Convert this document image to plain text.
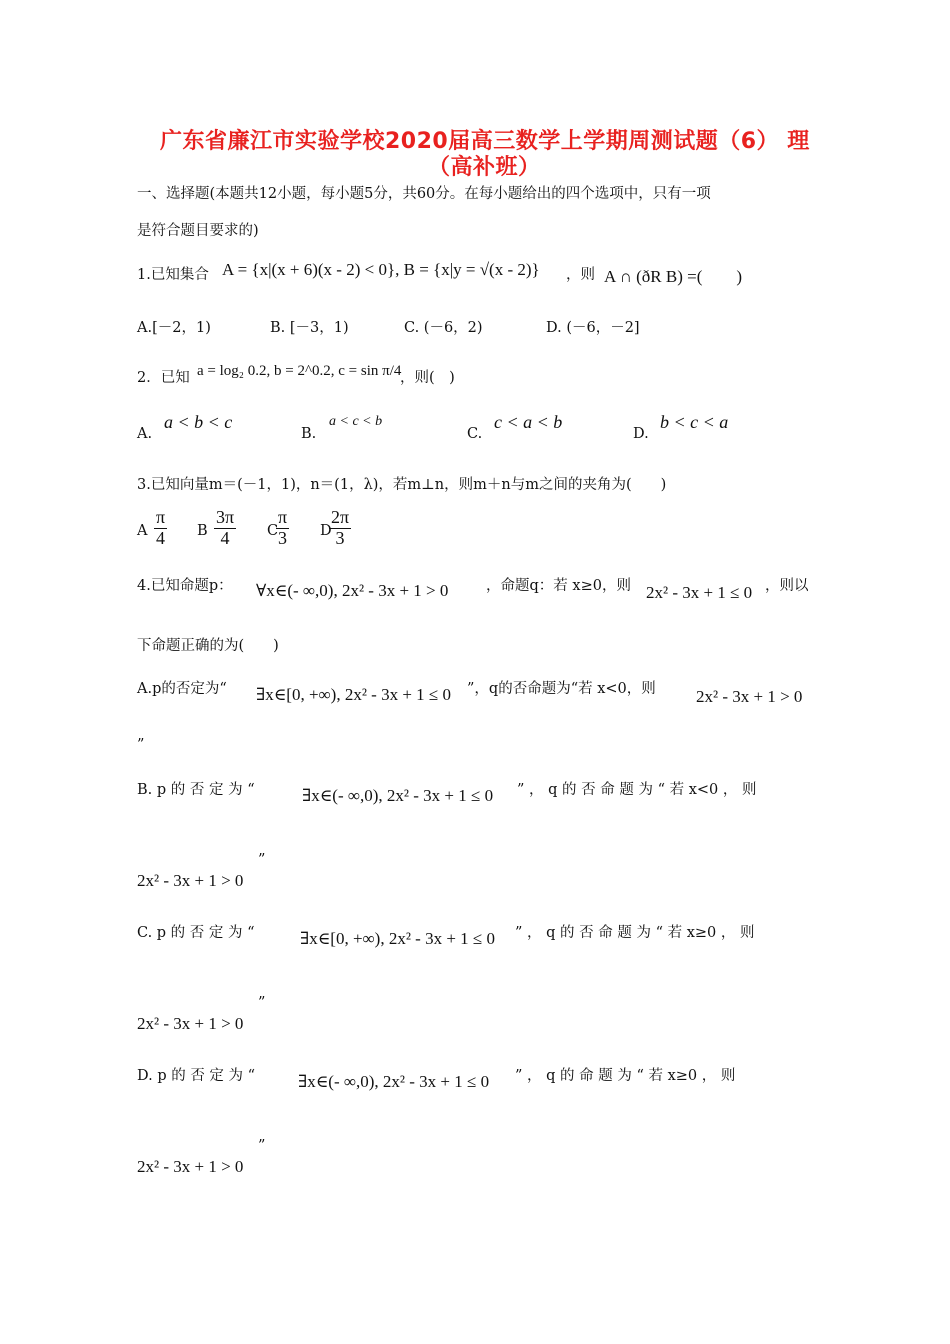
广东省廉江市实验学校2020届高三数学上学期周测试题（6） 理
（高补班）
一、选择题(本题共12小题，每小题5分，共60分。在每小题给出的四个选项中，只有一项
是符合题目要求的)
1.已知集合 A = {x|(x + 6)(x - 2) < 0}, B = {x|y = √(x - 2)} ，则 A ∩ (ðR B) =(　　)
A.[－2，1)	B. [－3，1)	C. (－6，2)	D. (－6，－2]
2．已知 a = log₂ 0.2, b = 2^0.2, c = sin π/4
，则(　)
A.
a < b < c
B.
a < c < b
C.
c < a < b
D.
b < c < a
3.已知向量m＝(－1，1)，n＝(1，λ)，若m⊥n，则m＋n与m之间的夹角为(　　)
A $\frac{\pi}{4}$ B $\frac{3\pi}{4}$ C
$\frac{\pi}{3}$ D
$\frac{2\pi}{3}$
4.已知命题p： ∀x∈(- ∞,0), 2x² - 3x + 1 > 0	，命题q：若 x≥0，则 2x² - 3x + 1 ≤ 0 ，则以
下命题正确的为(　　)
A.p的否定为“ ∃x∈[0, +∞), 2x² - 3x + 1 ≤ 0 ”，q的否命题为“若 x<0，则 2x² - 3x + 1 > 0
”
B. p 的 否 定 为 “	∃x∈(- ∞,0), 2x² - 3x + 1 ≤ 0 ” ， q 的 否 命 题 为 “ 若 x<0 ， 则
2x² - 3x + 1 > 0
”
C. p 的 否 定 为 “	∃x∈[0, +∞), 2x² - 3x + 1 ≤ 0 ” ， q 的 否 命 题 为 “ 若 x≥0 ， 则
2x² - 3x + 1 > 0
”
D. p 的 否 定 为 “	∃x∈(- ∞,0), 2x² - 3x + 1 ≤ 0 ” ， q 的 命 题 为 “ 若 x≥0 ， 则
2x² - 3x + 1 > 0
”
